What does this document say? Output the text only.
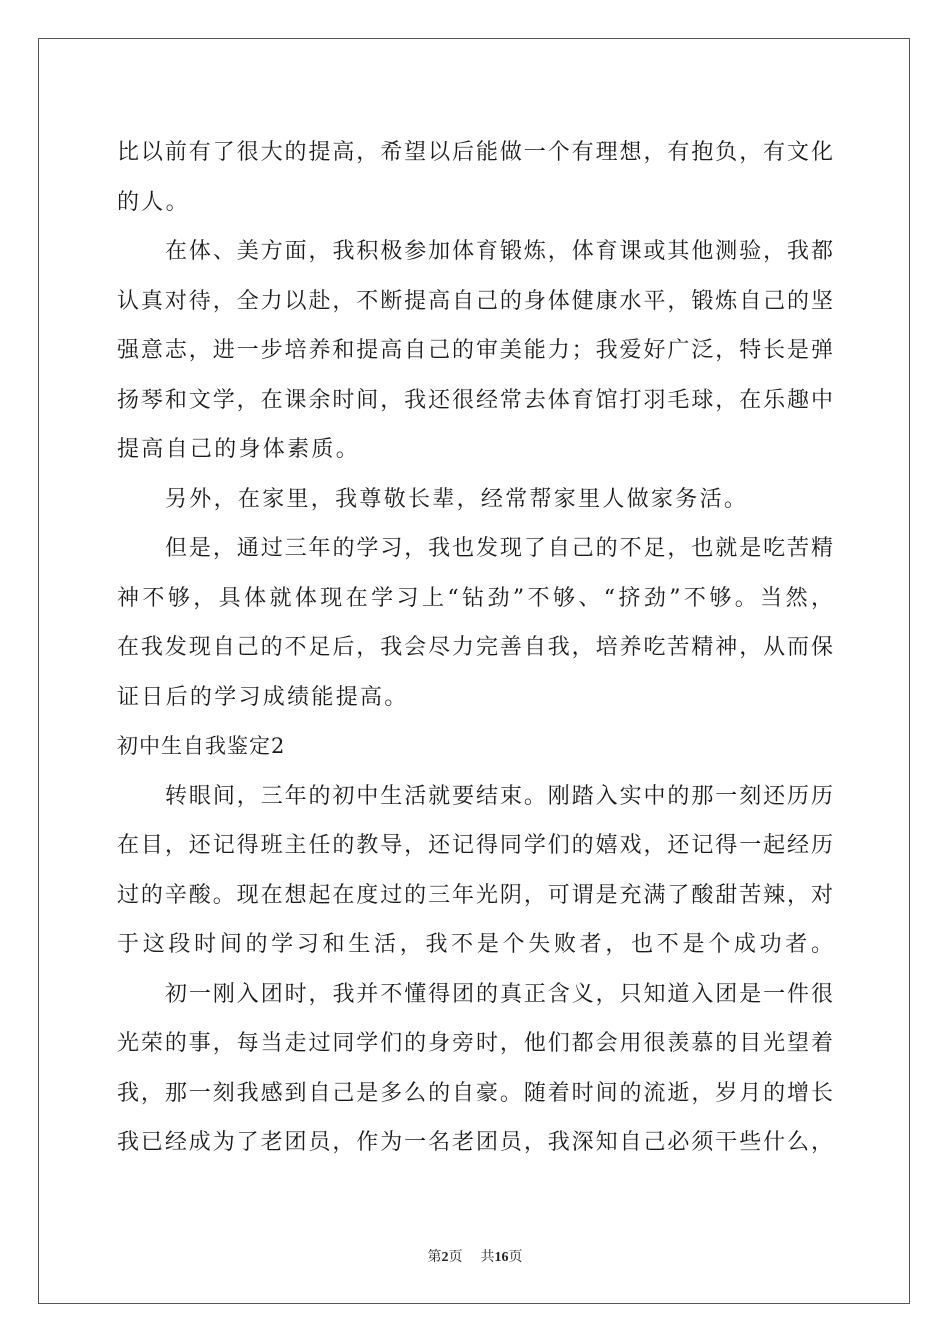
比以前有了很大的提高，希望以后能做一个有理想，有抱负，有文化
的人。
在体、美方面，我积极参加体育锻炼，体育课或其他测验，我都
认真对待，全力以赴，不断提高自己的身体健康水平，锻炼自己的坚
强意志，进一步培养和提高自己的审美能力；我爱好广泛，特长是弹
扬琴和文学，在课余时间，我还很经常去体育馆打羽毛球，在乐趣中
提高自己的身体素质。
另外，在家里，我尊敬长辈，经常帮家里人做家务活。
但是，通过三年的学习，我也发现了自己的不足，也就是吃苦精
神不够，具体就体现在学习上“钻劲”不够、“挤劲”不够。当然，
在我发现自己的不足后，我会尽力完善自我，培养吃苦精神，从而保
证日后的学习成绩能提高。
初中生自我鉴定2
转眼间，三年的初中生活就要结束。刚踏入实中的那一刻还历历
在目，还记得班主任的教导，还记得同学们的嬉戏，还记得一起经历
过的辛酸。现在想起在度过的三年光阴，可谓是充满了酸甜苦辣，对
于这段时间的学习和生活，我不是个失败者，也不是个成功者。
初一刚入团时，我并不懂得团的真正含义，只知道入团是一件很
光荣的事，每当走过同学们的身旁时，他们都会用很羡慕的目光望着
我，那一刻我感到自己是多么的自豪。随着时间的流逝，岁月的增长
我已经成为了老团员，作为一名老团员，我深知自己必须干些什么，
第2页 共16页
